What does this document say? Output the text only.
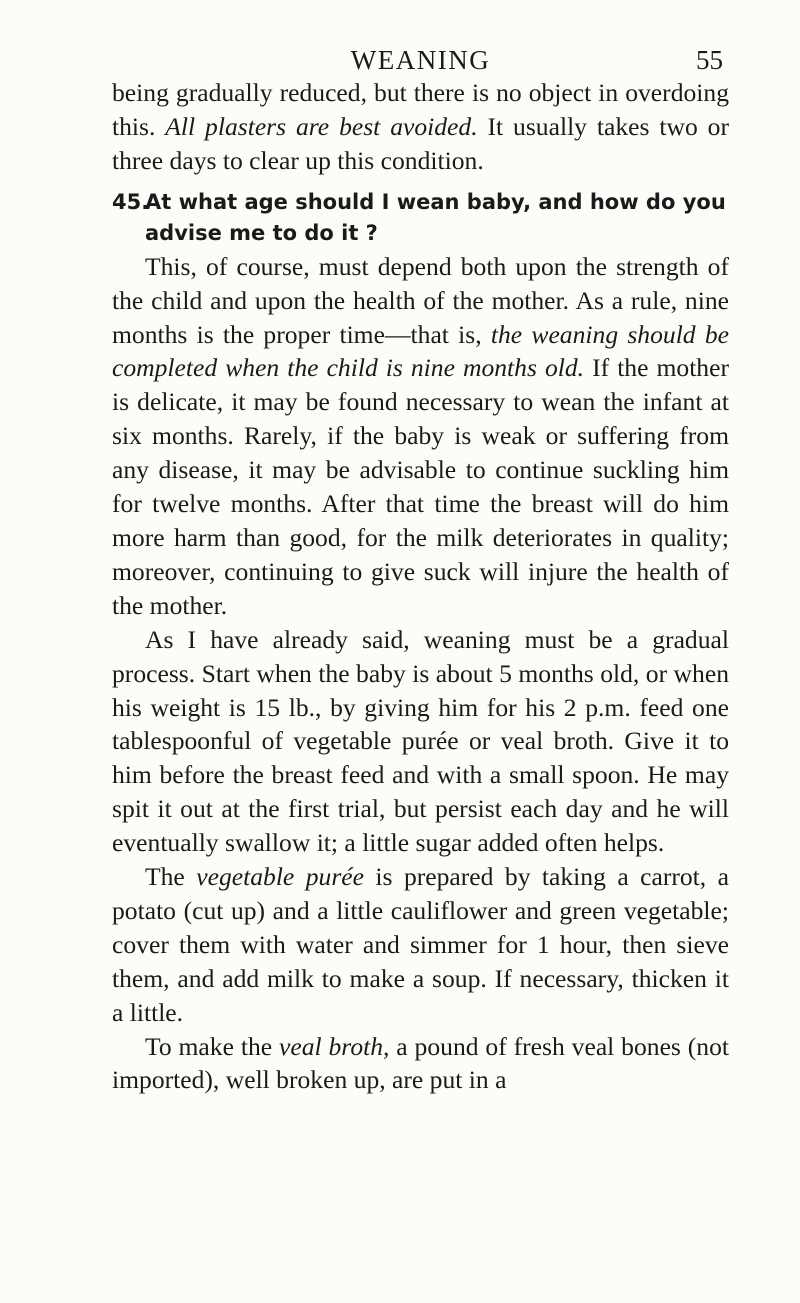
WEANING	55

being gradually reduced, but there is no object in overdoing this. All plasters are best avoided. It usually takes two or three days to clear up this condition.

45.At what age should I wean baby, and how do you advise me to do it ?

This, of course, must depend both upon the strength of the child and upon the health of the mother. As a rule, nine months is the proper time—that is, the weaning should be completed when the child is nine months old. If the mother is delicate, it may be found necessary to wean the infant at six months. Rarely, if the baby is weak or suffering from any disease, it may be advisable to continue suckling him for twelve months. After that time the breast will do him more harm than good, for the milk deteriorates in quality; moreover, continuing to give suck will injure the health of the mother.

As I have already said, weaning must be a gradual process. Start when the baby is about 5 months old, or when his weight is 15 lb., by giving him for his 2 p.m. feed one tablespoonful of vegetable purée or veal broth. Give it to him before the breast feed and with a small spoon. He may spit it out at the first trial, but persist each day and he will eventually swallow it; a little sugar added often helps.

The vegetable purée is prepared by taking a carrot, a potato (cut up) and a little cauliflower and green vegetable; cover them with water and simmer for 1 hour, then sieve them, and add milk to make a soup. If necessary, thicken it a little.

To make the veal broth, a pound of fresh veal bones (not imported), well broken up, are put in a
